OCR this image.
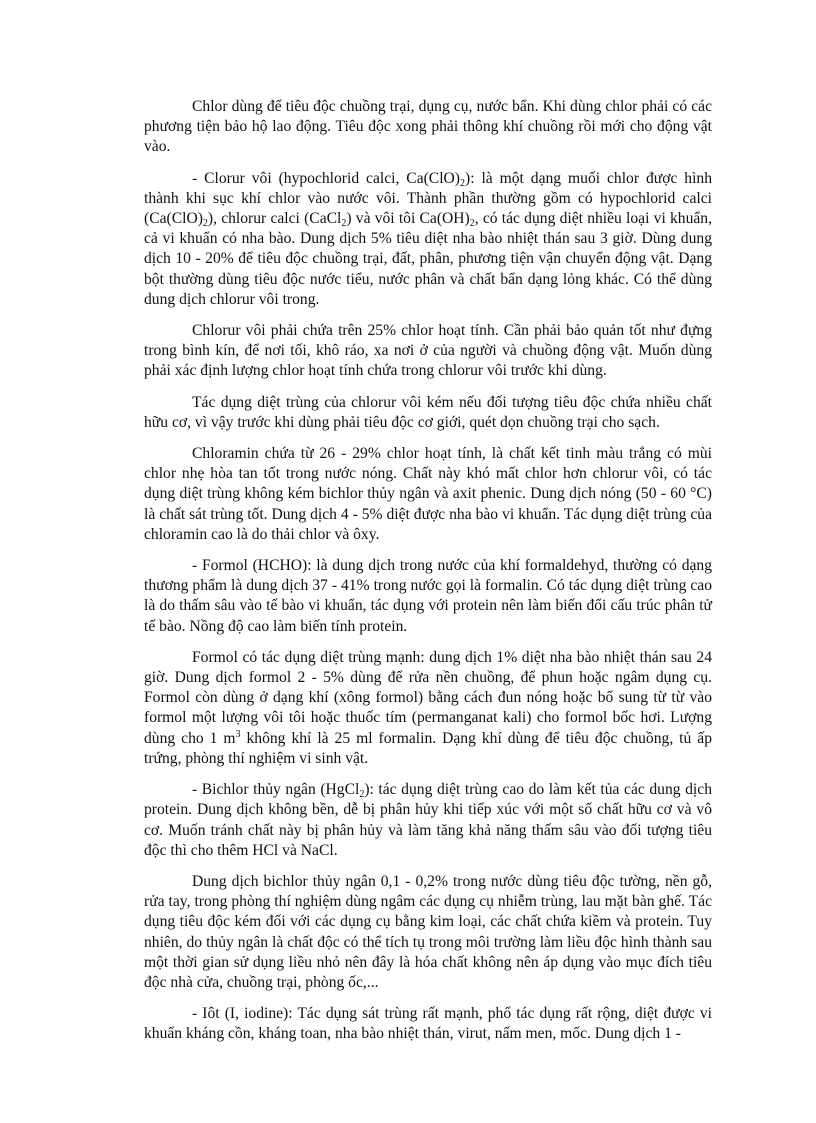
Chlor dùng để tiêu độc chuồng trại, dụng cụ, nước bẩn. Khi dùng chlor phải có các phương tiện bảo hộ lao động. Tiêu độc xong phải thông khí chuồng rồi mới cho động vật vào.

- Clorur vôi (hypochlorid calci, $Ca(ClO)_2$): là một dạng muối chlor được hình thành khi sục khí chlor vào nước vôi. Thành phần thường gồm có hypochlorid calci $(Ca(ClO)_2)$, chlorur calci (CaCl$_2$) và vôi tôi $Ca(OH)_2$, có tác dụng diệt nhiều loại vi khuẩn, cả vi khuẩn có nha bào. Dung dịch 5% tiêu diệt nha bào nhiệt thán sau 3 giờ. Dùng dung dịch 10 - 20% để tiêu độc chuồng trại, đất, phân, phương tiện vận chuyển động vật. Dạng bột thường dùng tiêu độc nước tiểu, nước phân và chất bẩn dạng lỏng khác. Có thể dùng dung dịch chlorur vôi trong.

Chlorur vôi phải chứa trên 25% chlor hoạt tính. Cần phải bảo quản tốt như đựng trong bình kín, để nơi tối, khô ráo, xa nơi ở của người và chuồng động vật. Muốn dùng phải xác định lượng chlor hoạt tính chứa trong chlorur vôi trước khi dùng.

Tác dụng diệt trùng của chlorur vôi kém nếu đối tượng tiêu độc chứa nhiều chất hữu cơ, vì vậy trước khi dùng phải tiêu độc cơ giới, quét dọn chuồng trại cho sạch.

Chloramin chứa từ 26 - 29% chlor hoạt tính, là chất kết tinh màu trắng có mùi chlor nhẹ hòa tan tốt trong nước nóng. Chất này khó mất chlor hơn chlorur vôi, có tác dụng diệt trùng không kém bichlor thủy ngân và axit phenic. Dung dịch nóng (50 - 60 °C) là chất sát trùng tốt. Dung dịch 4 - 5% diệt được nha bào vi khuẩn. Tác dụng diệt trùng của chloramin cao là do thải chlor và ôxy.

- Formol (HCHO): là dung dịch trong nước của khí formaldehyd, thường có dạng thương phẩm là dung dịch 37 - 41% trong nước gọi là formalin. Có tác dụng diệt trùng cao là do thấm sâu vào tế bào vi khuẩn, tác dụng với protein nên làm biến đổi cấu trúc phân tử tế bào. Nồng độ cao làm biến tính protein.

Formol có tác dụng diệt trùng mạnh: dung dịch 1% diệt nha bào nhiệt thán sau 24 giờ. Dung dịch formol 2 - 5% dùng để rửa nền chuồng, để phun hoặc ngâm dụng cụ. Formol còn dùng ở dạng khí (xông formol) bằng cách đun nóng hoặc bổ sung từ từ vào formol một lượng vôi tôi hoặc thuốc tím (permanganat kali) cho formol bốc hơi. Lượng dùng cho 1 $m^3$ không khí là 25 ml formalin. Dạng khí dùng để tiêu độc chuồng, tủ ấp trứng, phòng thí nghiệm vi sinh vật.

- Bichlor thủy ngân (HgCl$_2$): tác dụng diệt trùng cao do làm kết tủa các dung dịch protein. Dung dịch không bền, dễ bị phân hủy khi tiếp xúc với một số chất hữu cơ và vô cơ. Muốn tránh chất này bị phân hủy và làm tăng khả năng thấm sâu vào đối tượng tiêu độc thì cho thêm HCl và NaCl.

Dung dịch bichlor thủy ngân 0,1 - 0,2% trong nước dùng tiêu độc tường, nền gỗ, rửa tay, trong phòng thí nghiệm dùng ngâm các dụng cụ nhiễm trùng, lau mặt bàn ghế. Tác dụng tiêu độc kém đối với các dụng cụ bằng kim loại, các chất chứa kiềm và protein. Tuy nhiên, do thủy ngân là chất độc có thể tích tụ trong môi trường làm liều độc hình thành sau một thời gian sử dụng liều nhỏ nên đây là hóa chất không nên áp dụng vào mục đích tiêu độc nhà cửa, chuồng trại, phòng ốc,...

- Iôt (I, iodine): Tác dụng sát trùng rất mạnh, phổ tác dụng rất rộng, diệt được vi khuẩn kháng cồn, kháng toan, nha bào nhiệt thán, virut, nấm men, mốc. Dung dịch 1 -
